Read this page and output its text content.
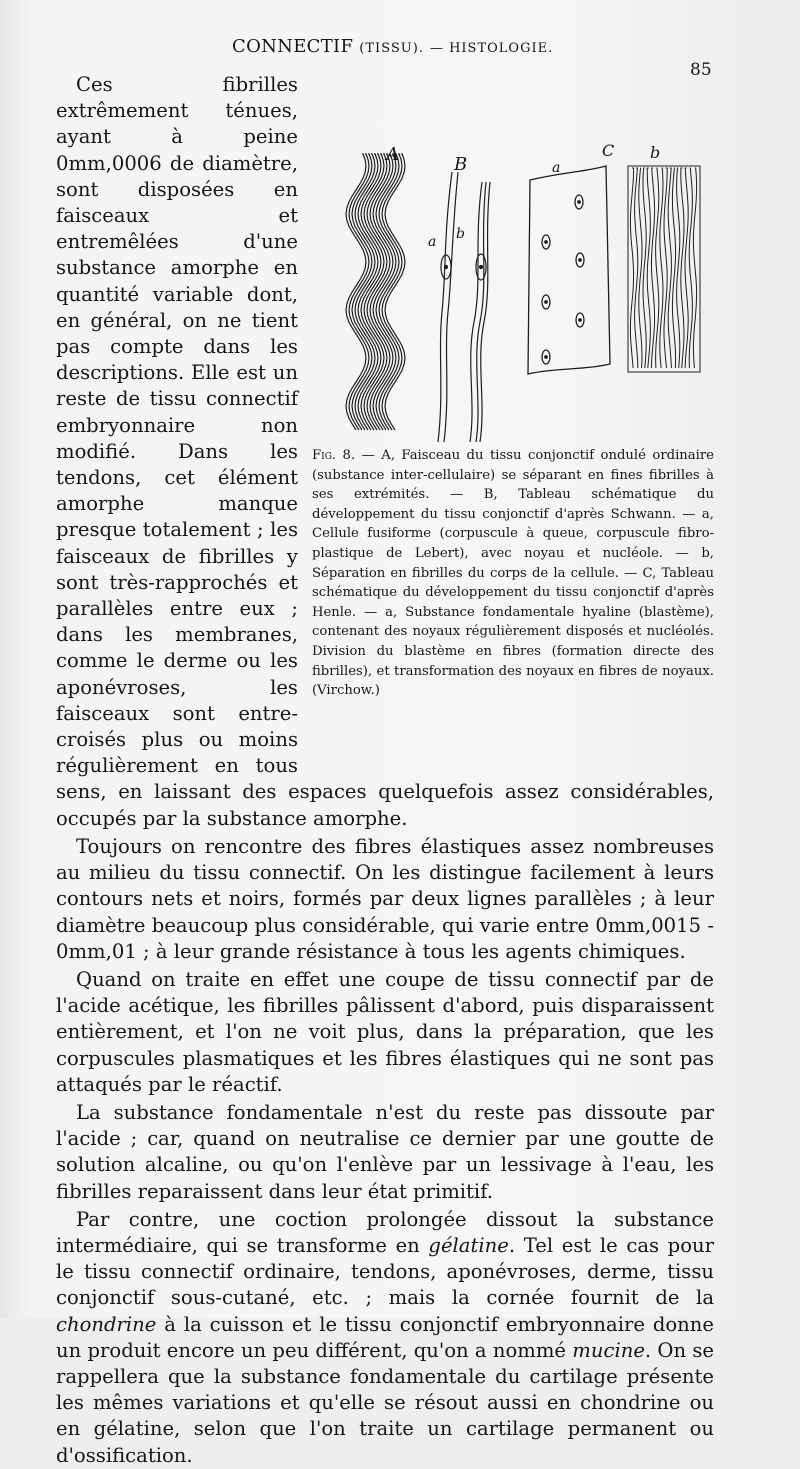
CONNECTIF (TISSU). — HISTOLOGIE.
85
A	B
a b
a
C b
Fig. 8. — A, Faisceau du tissu conjonctif ondulé ordinaire (substance inter-cellulaire) se séparant en fines fibrilles à ses extrémités. — B, Tableau schématique du développement du tissu conjonctif d'après Schwann. — a, Cellule fusiforme (corpuscule à queue, corpuscule fibro-plastique de Lebert), avec noyau et nucléole. — b, Séparation en fibrilles du corps de la cellule. — C, Tableau schématique du développement du tissu conjonctif d'après Henle. — a, Substance fondamentale hyaline (blastème), contenant des noyaux régulièrement disposés et nucléolés. Division du blastème en fibres (formation directe des fibrilles), et transformation des noyaux en fibres de noyaux. (Virchow.)

Ces fibrilles extrêmement ténues, ayant à peine 0mm,0006 de diamètre, sont disposées en faisceaux et entremêlées d'une substance amorphe en quantité variable dont, en général, on ne tient pas compte dans les descriptions. Elle est un reste de tissu connectif embryonnaire non modifié. Dans les tendons, cet élément amorphe manque presque totalement ; les faisceaux de fibrilles y sont très-rapprochés et parallèles entre eux ; dans les membranes, comme le derme ou les aponévroses, les faisceaux sont entre-croisés plus ou moins régulièrement en tous sens, en laissant des espaces quelquefois assez considérables, occupés par la substance amorphe.

Toujours on rencontre des fibres élastiques assez nombreuses au milieu du tissu connectif. On les distingue facilement à leurs contours nets et noirs, formés par deux lignes parallèles ; à leur diamètre beaucoup plus considérable, qui varie entre 0mm,0015 - 0mm,01 ; à leur grande résistance à tous les agents chimiques.

Quand on traite en effet une coupe de tissu connectif par de l'acide acétique, les fibrilles pâlissent d'abord, puis disparaissent entièrement, et l'on ne voit plus, dans la préparation, que les corpuscules plasmatiques et les fibres élastiques qui ne sont pas attaqués par le réactif.

La substance fondamentale n'est du reste pas dissoute par l'acide ; car, quand on neutralise ce dernier par une goutte de solution alcaline, ou qu'on l'enlève par un lessivage à l'eau, les fibrilles reparaissent dans leur état primitif.

Par contre, une coction prolongée dissout la substance intermédiaire, qui se transforme en gélatine. Tel est le cas pour le tissu connectif ordinaire, tendons, aponévroses, derme, tissu conjonctif sous-cutané, etc. ; mais la cornée fournit de la chondrine à la cuisson et le tissu conjonctif embryonnaire donne un produit encore un peu différent, qu'on a nommé mucine. On se rappellera que la substance fondamentale du cartilage présente les mêmes variations et qu'elle se résout aussi en chondrine ou en gélatine, selon que l'on traite un cartilage permanent ou d'ossification.
